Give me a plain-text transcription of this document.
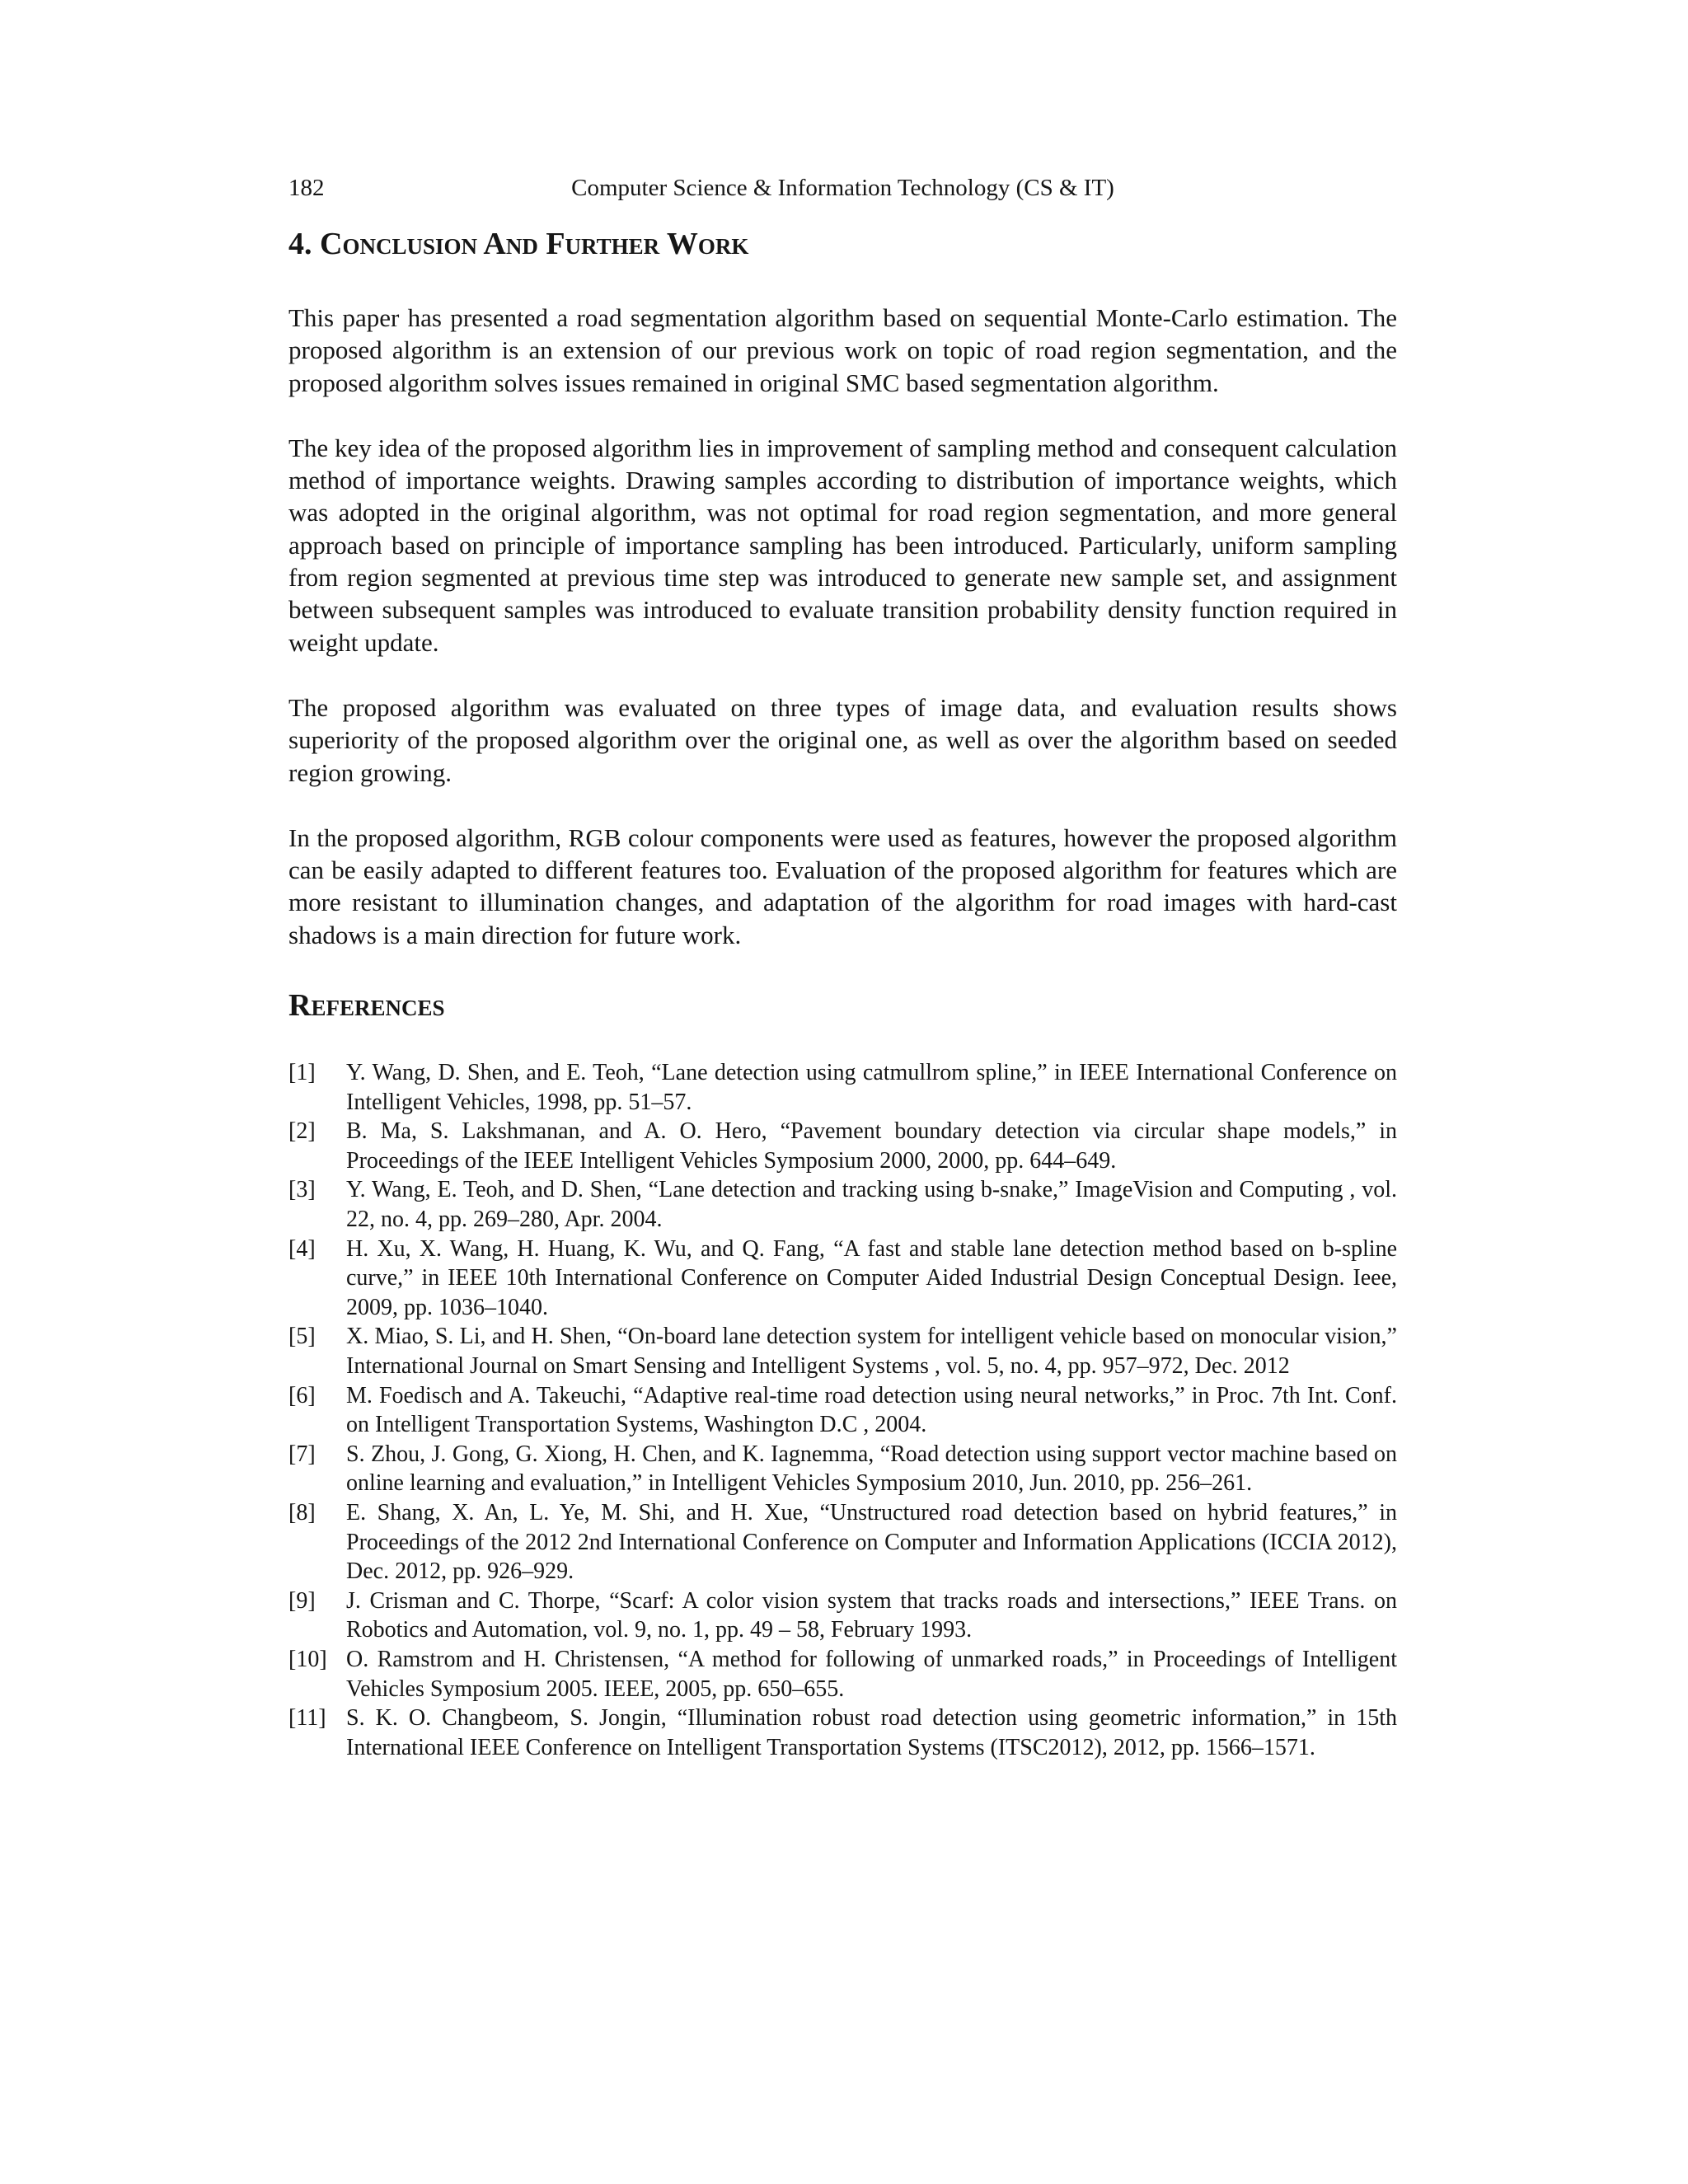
182	Computer Science & Information Technology (CS & IT)
4. Conclusion And Further Work

This paper has presented a road segmentation algorithm based on sequential Monte-Carlo estimation. The proposed algorithm is an extension of our previous work on topic of road region segmentation, and the proposed algorithm solves issues remained in original SMC based segmentation algorithm.

The key idea of the proposed algorithm lies in improvement of sampling method and consequent calculation method of importance weights. Drawing samples according to distribution of importance weights, which was adopted in the original algorithm, was not optimal for road region segmentation, and more general approach based on principle of importance sampling has been introduced. Particularly, uniform sampling from region segmented at previous time step was introduced to generate new sample set, and assignment between subsequent samples was introduced to evaluate transition probability density function required in weight update.

The proposed algorithm was evaluated on three types of image data, and evaluation results shows superiority of the proposed algorithm over the original one, as well as over the algorithm based on seeded region growing.

In the proposed algorithm, RGB colour components were used as features, however the proposed algorithm can be easily adapted to different features too. Evaluation of the proposed algorithm for features which are more resistant to illumination changes, and adaptation of the algorithm for road images with hard-cast shadows is a main direction for future work.

References
[1] Y. Wang, D. Shen, and E. Teoh, “Lane detection using catmullrom spline,” in IEEE International Conference on Intelligent Vehicles, 1998, pp. 51–57.
[2] B. Ma, S. Lakshmanan, and A. O. Hero, “Pavement boundary detection via circular shape models,” in Proceedings of the IEEE Intelligent Vehicles Symposium 2000, 2000, pp. 644–649.
[3] Y. Wang, E. Teoh, and D. Shen, “Lane detection and tracking using b-snake,” ImageVision and Computing , vol. 22, no. 4, pp. 269–280, Apr. 2004.
[4] H. Xu, X. Wang, H. Huang, K. Wu, and Q. Fang, “A fast and stable lane detection method based on b-spline curve,” in IEEE 10th International Conference on Computer Aided Industrial Design Conceptual Design. Ieee, 2009, pp. 1036–1040.
[5] X. Miao, S. Li, and H. Shen, “On-board lane detection system for intelligent vehicle based on monocular vision,” International Journal on Smart Sensing and Intelligent Systems , vol. 5, no. 4, pp. 957–972, Dec. 2012
[6] M. Foedisch and A. Takeuchi, “Adaptive real-time road detection using neural networks,” in Proc. 7th Int. Conf. on Intelligent Transportation Systems, Washington D.C , 2004.
[7] S. Zhou, J. Gong, G. Xiong, H. Chen, and K. Iagnemma, “Road detection using support vector machine based on online learning and evaluation,” in Intelligent Vehicles Symposium 2010, Jun. 2010, pp. 256–261.
[8] E. Shang, X. An, L. Ye, M. Shi, and H. Xue, “Unstructured road detection based on hybrid features,” in Proceedings of the 2012 2nd International Conference on Computer and Information Applications (ICCIA 2012), Dec. 2012, pp. 926–929.
[9] J. Crisman and C. Thorpe, “Scarf: A color vision system that tracks roads and intersections,” IEEE Trans. on Robotics and Automation, vol. 9, no. 1, pp. 49 – 58, February 1993.
[10] O. Ramstrom and H. Christensen, “A method for following of unmarked roads,” in Proceedings of Intelligent Vehicles Symposium 2005. IEEE, 2005, pp. 650–655.
[11] S. K. O. Changbeom, S. Jongin, “Illumination robust road detection using geometric information,” in 15th International IEEE Conference on Intelligent Transportation Systems (ITSC2012), 2012, pp. 1566–1571.
